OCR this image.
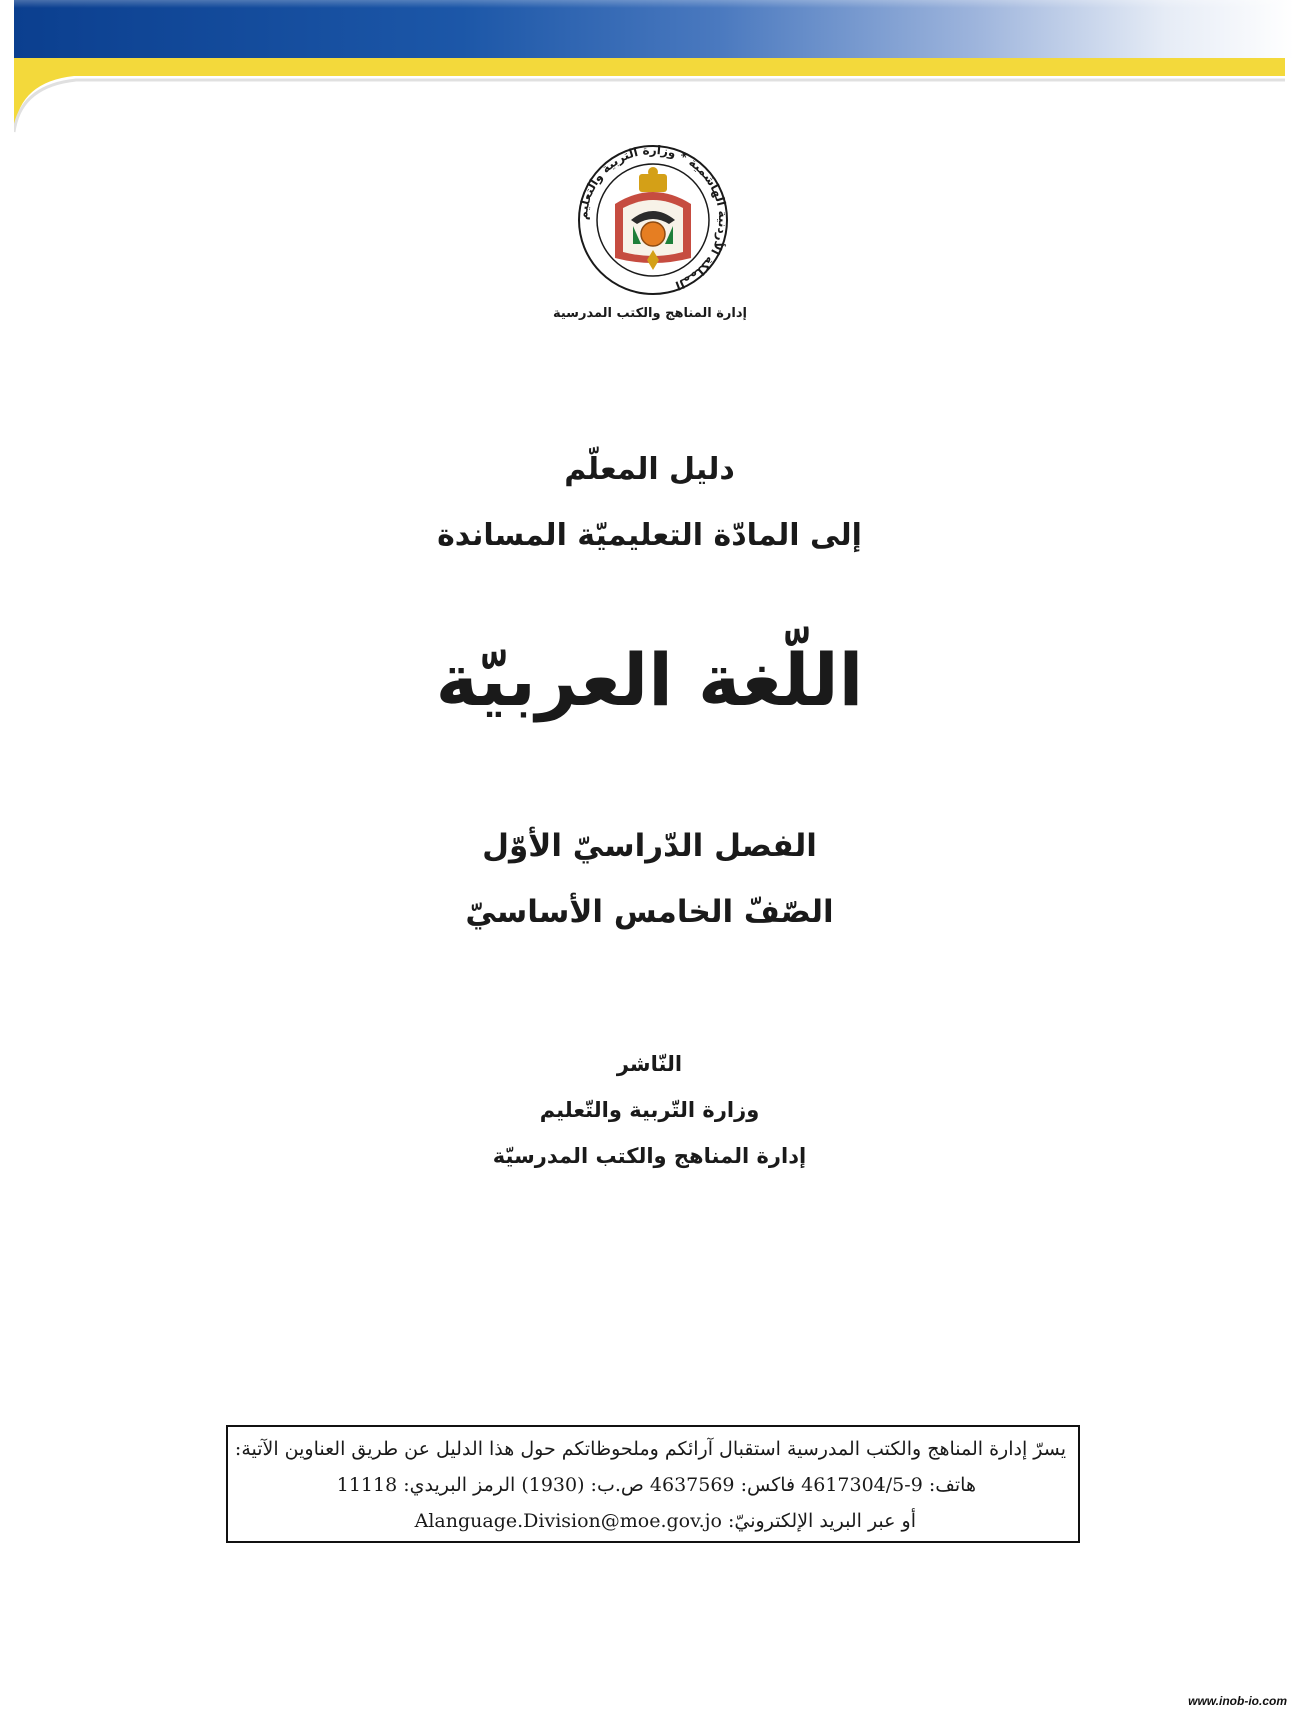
المملكة الأردنية الهاشمية * وزارة التربية والتعليم
إدارة المناهج والكتب المدرسية
دليل المعلّم
إلى المادّة التعليميّة المساندة
اللّغة العربيّة
الفصل الدّراسيّ الأوّل
الصّفّ الخامس الأساسيّ
النّاشر
وزارة التّربية والتّعليم
إدارة المناهج والكتب المدرسيّة
يسرّ إدارة المناهج والكتب المدرسية استقبال آرائكم وملحوظاتكم حول هذا الدليل عن طريق العناوين الآتية:
هاتف: 9-4617304/5 فاكس: 4637569 ص.ب: (1930) الرمز البريدي: 11118
أو عبر البريد الإلكترونيّ: Alanguage.Division@moe.gov.jo
www.inob-io.com
